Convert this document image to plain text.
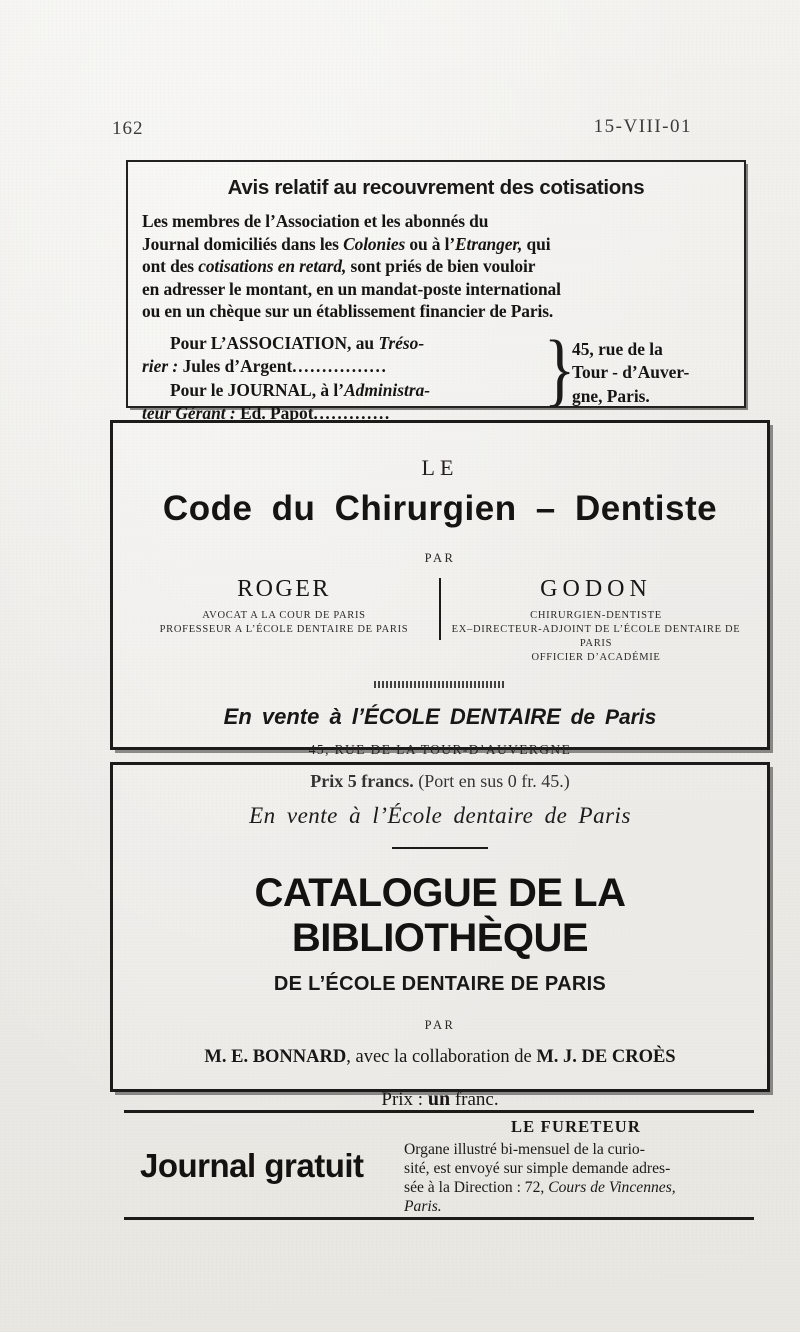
162	15-VIII-01
Avis relatif au recouvrement des cotisations
Les membres de l’Association et les abonnés du
Journal domiciliés dans les Colonies ou à l’Etranger, qui
ont des cotisations en retard, sont priés de bien vouloir
en adresser le montant, en un mandat-poste international
ou en un chèque sur un établissement financier de Paris.
Pour L’ASSOCIATION, au Tréso-
rier : Jules d’Argent................
Pour le JOURNAL, à l’Administra-
teur Gérant : Ed. Papot.............	}
45, rue de la
Tour - d’Auver-
gne, Paris.
LE
Code du Chirurgien – Dentiste
PAR
ROGER
AVOCAT A LA COUR DE PARIS
PROFESSEUR A L’ÉCOLE DENTAIRE DE PARIS
GODON
CHIRURGIEN-DENTISTE
EX–DIRECTEUR-ADJOINT DE L’ÉCOLE DENTAIRE DE PARIS
OFFICIER D’ACADÉMIE
En vente à l’ÉCOLE DENTAIRE de Paris
45, RUE DE LA TOUR-D’AUVERGNE
Prix 5 francs. (Port en sus 0 fr. 45.)
En vente à l’École dentaire de Paris
CATALOGUE DE LA BIBLIOTHÈQUE
DE L’ÉCOLE DENTAIRE DE PARIS
PAR
M. E. BONNARD, avec la collaboration de M. J. DE CROÈS
Prix : un franc.
Journal gratuit
LE FURETEUR
Organe illustré bi-mensuel de la curio-
sité, est envoyé sur simple demande adres-
sée à la Direction : 72, Cours de Vincennes,
Paris.
